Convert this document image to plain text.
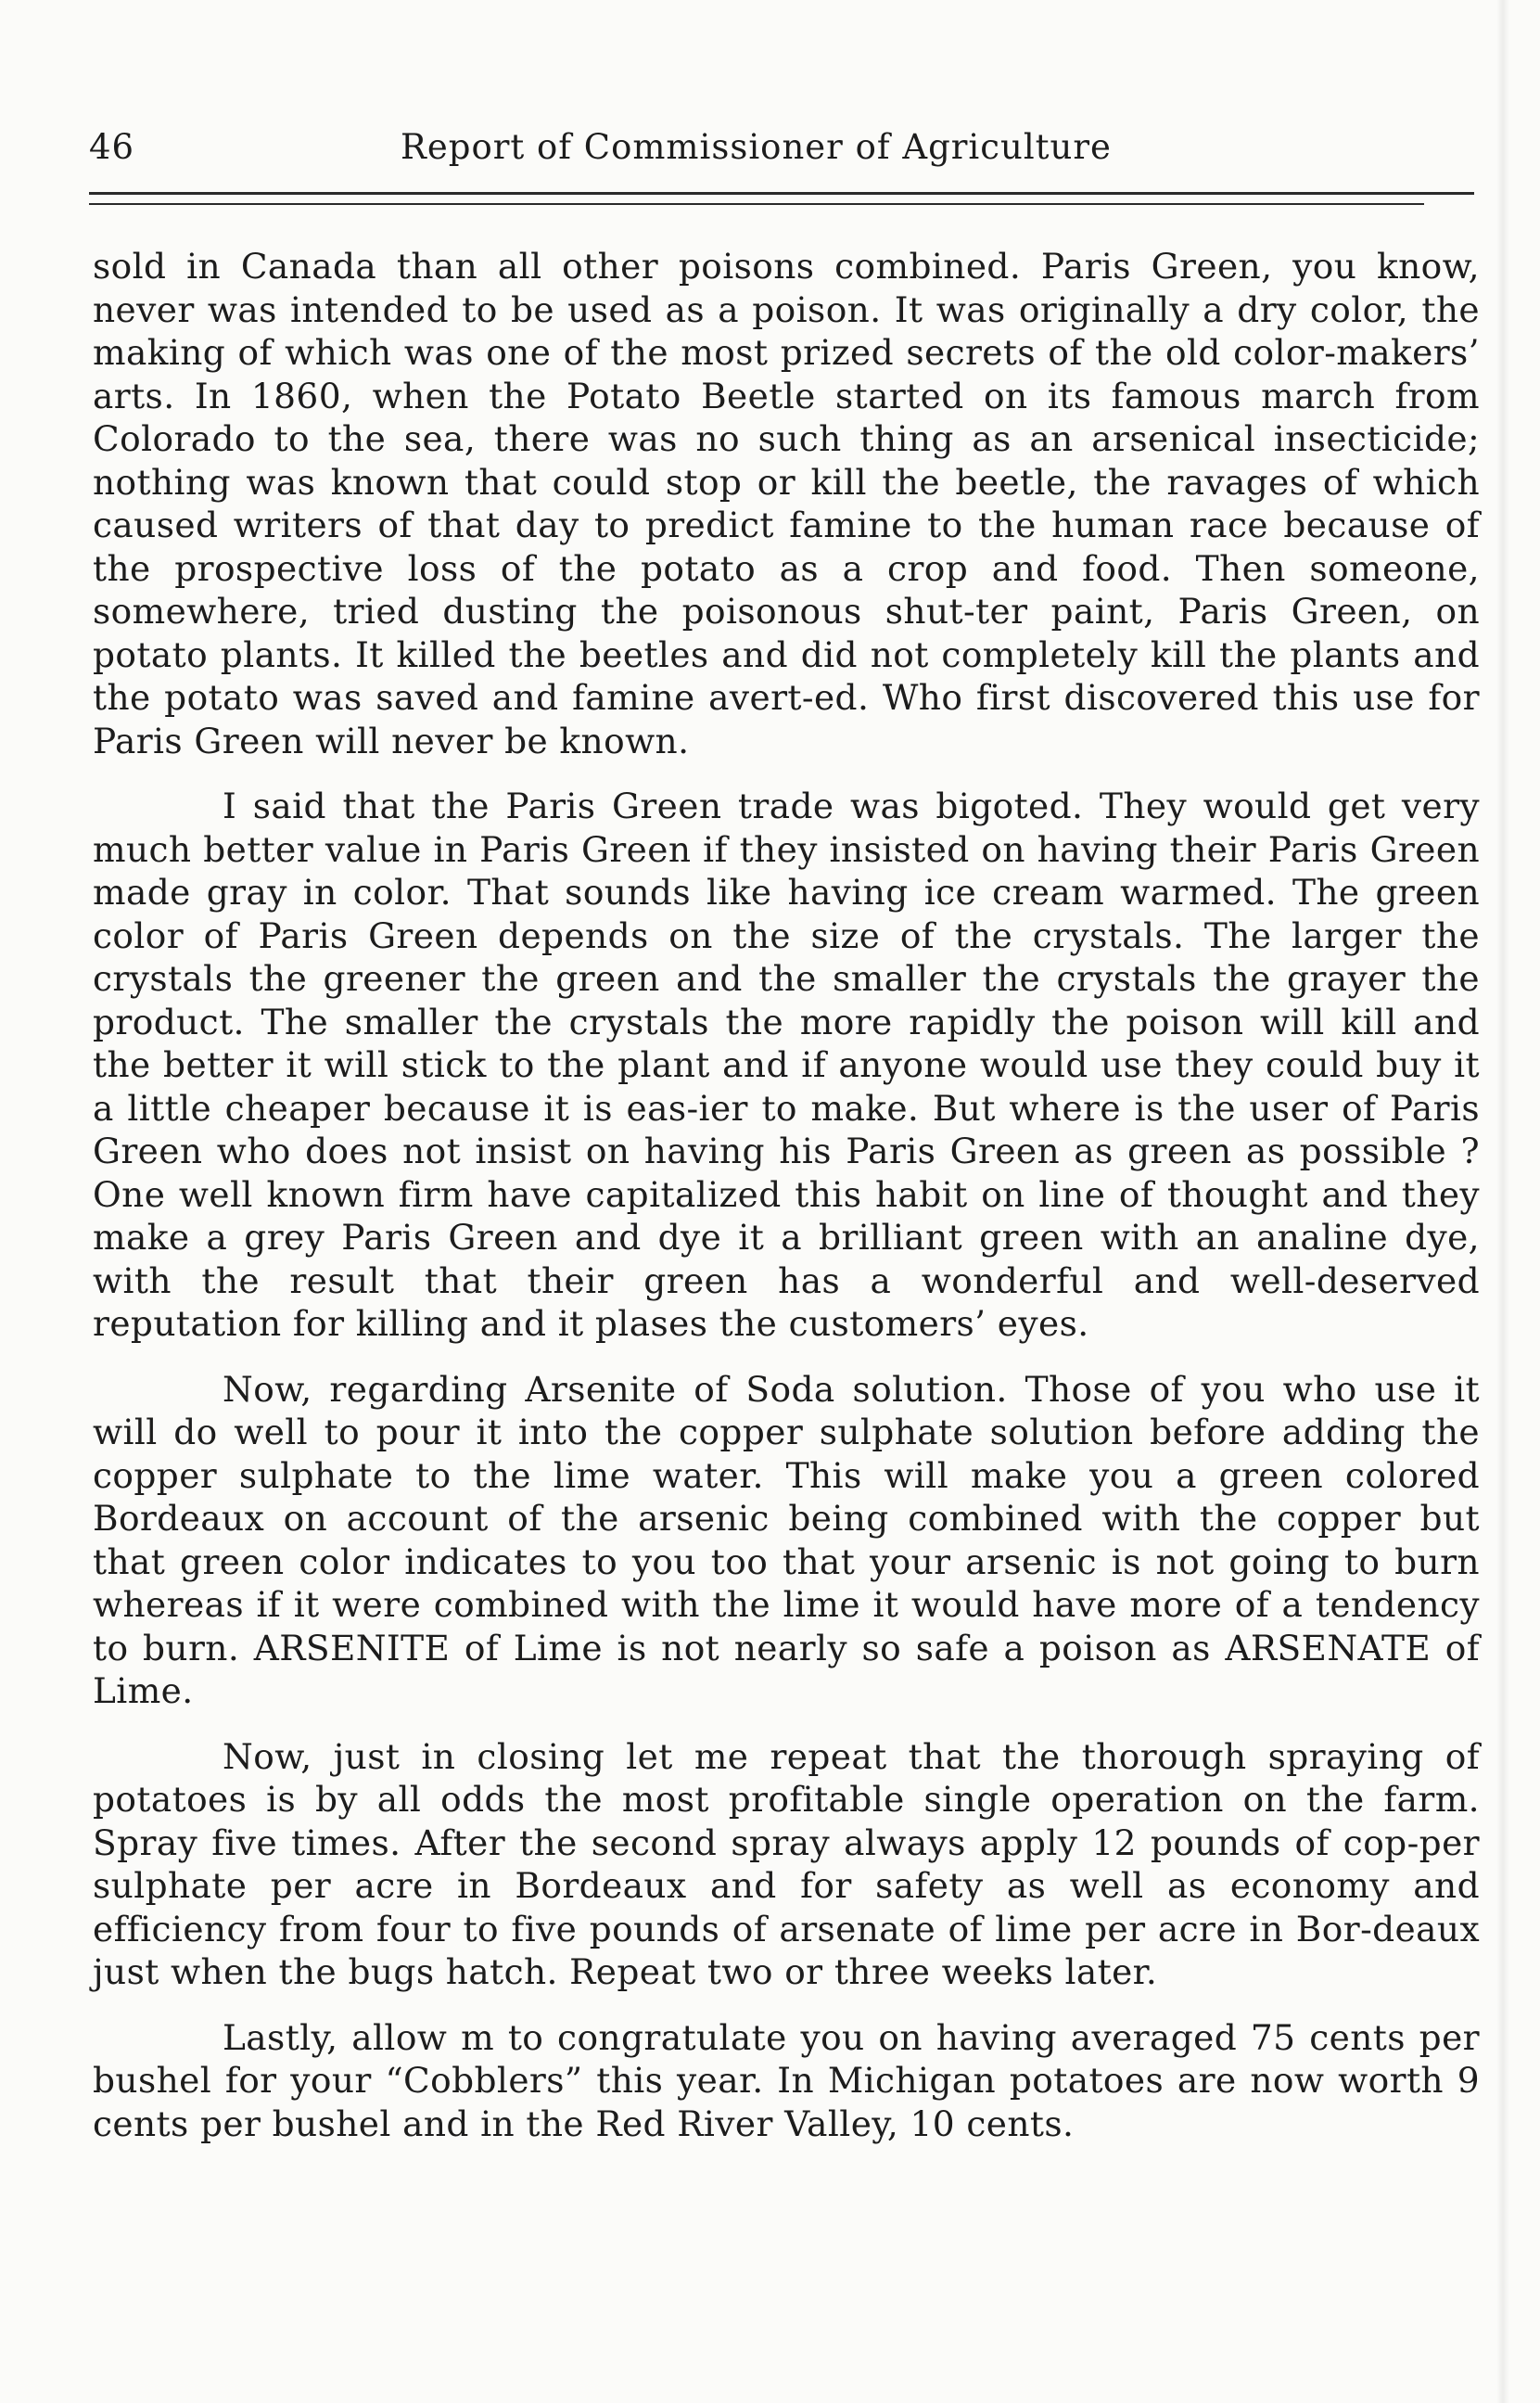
46	Report of Commissioner of Agriculture

sold in Canada than all other poisons combined. Paris Green, you know, never was intended to be used as a poison. It was originally a dry color, the making of which was one of the most prized secrets of the old color-makers’ arts. In 1860, when the Potato Beetle started on its famous march from Colorado to the sea, there was no such thing as an arsenical insecticide; nothing was known that could stop or kill the beetle, the ravages of which caused writers of that day to predict famine to the human race because of the prospective loss of the potato as a crop and food. Then someone, somewhere, tried dusting the poisonous shut-ter paint, Paris Green, on potato plants. It killed the beetles and did not completely kill the plants and the potato was saved and famine avert-ed. Who first discovered this use for Paris Green will never be known.

I said that the Paris Green trade was bigoted. They would get very much better value in Paris Green if they insisted on having their Paris Green made gray in color. That sounds like having ice cream warmed. The green color of Paris Green depends on the size of the crystals. The larger the crystals the greener the green and the smaller the crystals the grayer the product. The smaller the crystals the more rapidly the poison will kill and the better it will stick to the plant and if anyone would use they could buy it a little cheaper because it is eas-ier to make. But where is the user of Paris Green who does not insist on having his Paris Green as green as possible ? One well known firm have capitalized this habit on line of thought and they make a grey Paris Green and dye it a brilliant green with an analine dye, with the result that their green has a wonderful and well-deserved reputation for killing and it plases the customers’ eyes.

Now, regarding Arsenite of Soda solution. Those of you who use it will do well to pour it into the copper sulphate solution before adding the copper sulphate to the lime water. This will make you a green colored Bordeaux on account of the arsenic being combined with the copper but that green color indicates to you too that your arsenic is not going to burn whereas if it were combined with the lime it would have more of a tendency to burn. ARSENITE of Lime is not nearly so safe a poison as ARSENATE of Lime.

Now, just in closing let me repeat that the thorough spraying of potatoes is by all odds the most profitable single operation on the farm. Spray five times. After the second spray always apply 12 pounds of cop-per sulphate per acre in Bordeaux and for safety as well as economy and efficiency from four to five pounds of arsenate of lime per acre in Bor-deaux just when the bugs hatch. Repeat two or three weeks later.

Lastly, allow m to congratulate you on having averaged 75 cents per bushel for your “Cobblers” this year. In Michigan potatoes are now worth 9 cents per bushel and in the Red River Valley, 10 cents.
